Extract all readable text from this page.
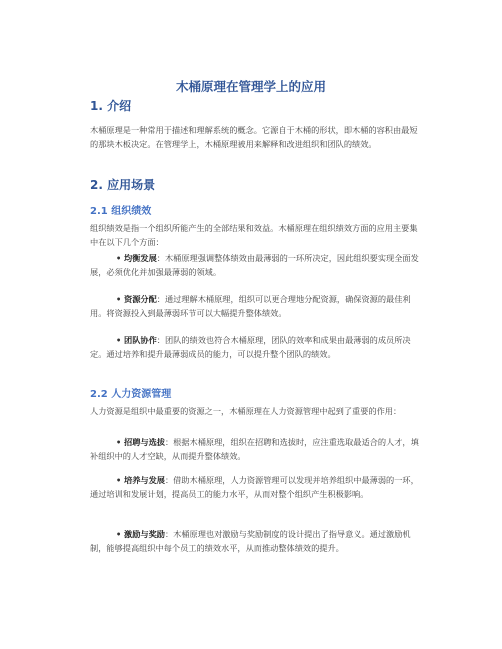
木桶原理在管理学上的应用
1. 介绍
木桶原理是一种常用于描述和理解系统的概念。它源自于木桶的形状，即木桶的容积由最短的那块木板决定。在管理学上，木桶原理被用来解释和改进组织和团队的绩效。
2. 应用场景
2.1 组织绩效
组织绩效是指一个组织所能产生的全部结果和效益。木桶原理在组织绩效方面的应用主要集中在以下几个方面：
• 均衡发展：木桶原理强调整体绩效由最薄弱的一环所决定，因此组织要实现全面发展，必须优化并加强最薄弱的领域。
• 资源分配：通过理解木桶原理，组织可以更合理地分配资源，确保资源的最佳利用。将资源投入到最薄弱环节可以大幅提升整体绩效。
• 团队协作：团队的绩效也符合木桶原理，团队的效率和成果由最薄弱的成员所决定。通过培养和提升最薄弱成员的能力，可以提升整个团队的绩效。
2.2 人力资源管理
人力资源是组织中最重要的资源之一，木桶原理在人力资源管理中起到了重要的作用：
• 招聘与选拔：根据木桶原理，组织在招聘和选拔时，应注重选取最适合的人才，填补组织中的人才空缺，从而提升整体绩效。
• 培养与发展：借助木桶原理，人力资源管理可以发现并培养组织中最薄弱的一环，通过培训和发展计划，提高员工的能力水平，从而对整个组织产生积极影响。
• 激励与奖励：木桶原理也对激励与奖励制度的设计提出了指导意义。通过激励机制，能够提高组织中每个员工的绩效水平，从而推动整体绩效的提升。
